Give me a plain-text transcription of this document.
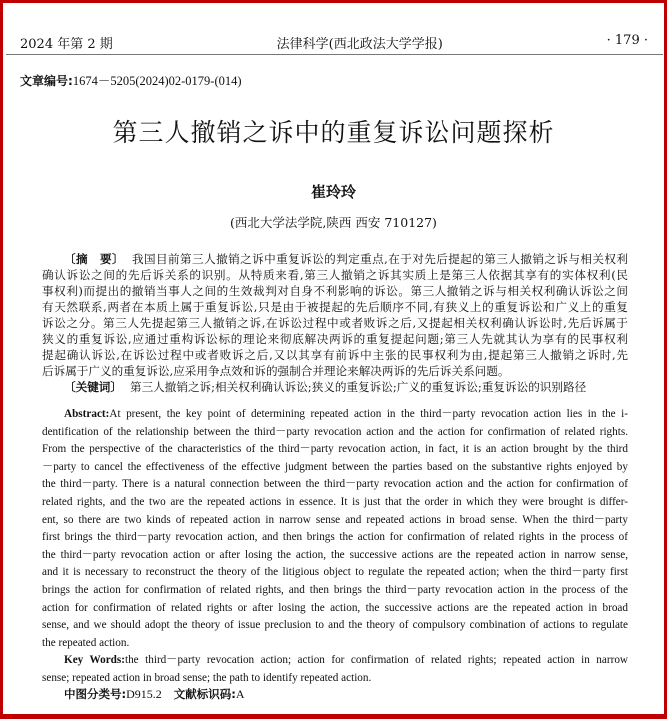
2024 年第 2 期	法律科学(西北政法大学学报)	· 179 ·
文章编号:1674－5205(2024)02-0179-(014)
第三人撤销之诉中的重复诉讼问题探析
崔玲玲
(西北大学法学院,陕西 西安 710127)
〔摘　要〕 我国目前第三人撤销之诉中重复诉讼的判定重点,在于对先后提起的第三人撤销之诉与相关权利
确认诉讼之间的先后诉关系的识别。从特质来看,第三人撤销之诉其实质上是第三人依据其享有的实体权利(民
事权利)而提出的撤销当事人之间的生效裁判对自身不利影响的诉讼。第三人撤销之诉与相关权利确认诉讼之间
有天然联系,两者在本质上属于重复诉讼,只是由于被提起的先后顺序不同,有狭义上的重复诉讼和广义上的重复
诉讼之分。第三人先提起第三人撤销之诉,在诉讼过程中或者败诉之后,又提起相关权利确认诉讼时,先后诉属于
狭义的重复诉讼,应通过重构诉讼标的理论来彻底解决两诉的重复提起问题;第三人先就其认为享有的民事权利
提起确认诉讼,在诉讼过程中或者败诉之后,又以其享有前诉中主张的民事权利为由,提起第三人撤销之诉时,先
后诉属于广义的重复诉讼,应采用争点效和诉的强制合并理论来解决两诉的先后诉关系问题。
〔关键词〕 第三人撤销之诉;相关权利确认诉讼;狭义的重复诉讼;广义的重复诉讼;重复诉讼的识别路径
Abstract:At present, the key point of determining repeated action in the third－party revocation action lies in the i-
dentification of the relationship between the third－party revocation action and the action for confirmation of related rights.
From the perspective of the characteristics of the third－party revocation action, in fact, it is an action brought by the third
－party to cancel the effectiveness of the effective judgment between the parties based on the substantive rights enjoyed by
the third－party. There is a natural connection between the third－party revocation action and the action for confirmation of
related rights, and the two are the repeated actions in essence. It is just that the order in which they were brought is differ-
ent, so there are two kinds of repeated action in narrow sense and repeated actions in broad sense. When the third－party
first brings the third－party revocation action, and then brings the action for confirmation of related rights in the process of
the third－party revocation action or after losing the action, the successive actions are the repeated action in narrow sense,
and it is necessary to reconstruct the theory of the litigious object to regulate the repeated action; when the third－party first
brings the action for confirmation of related rights, and then brings the third－party revocation action in the process of the
action for confirmation of related rights or after losing the action, the successive actions are the repeated action in broad
sense, and we should adopt the theory of issue preclusion to and the theory of compulsory combination of actions to regulate
the repeated action.
Key Words:the third－party revocation action; action for confirmation of related rights; repeated action in narrow
sense; repeated action in broad sense; the path to identify repeated action.
中图分类号:D915.2 文献标识码:A
